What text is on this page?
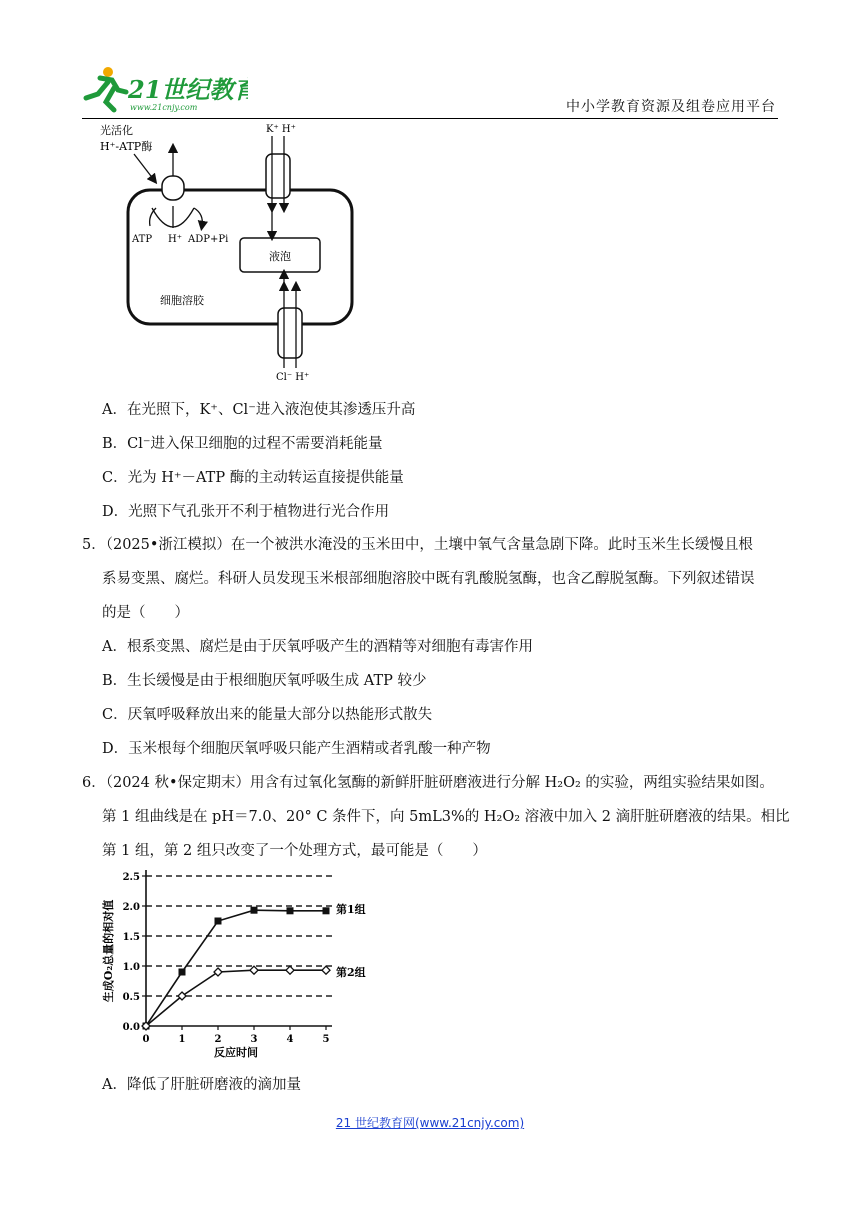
21世纪教育
www.21cnjy.com	中小学教育资源及组卷应用平台
液泡
细胞溶胶
光活化
H⁺-ATP酶
ATP H⁺ ADP+Pi
K⁺ H⁺
Cl⁻ H⁺
A．在光照下，K⁺、Cl⁻进入液泡使其渗透压升高
B．Cl⁻进入保卫细胞的过程不需要消耗能量
C．光为 H⁺－ATP 酶的主动转运直接提供能量
D．光照下气孔张开不利于植物进行光合作用
5．（2025•浙江模拟）在一个被洪水淹没的玉米田中，土壤中氧气含量急剧下降。此时玉米生长缓慢且根
系易变黑、腐烂。科研人员发现玉米根部细胞溶胶中既有乳酸脱氢酶，也含乙醇脱氢酶。下列叙述错误
的是（　　）
A．根系变黑、腐烂是由于厌氧呼吸产生的酒精等对细胞有毒害作用
B．生长缓慢是由于根细胞厌氧呼吸生成 ATP 较少
C．厌氧呼吸释放出来的能量大部分以热能形式散失
D．玉米根每个细胞厌氧呼吸只能产生酒精或者乳酸一种产物
6．（2024 秋•保定期末）用含有过氧化氢酶的新鲜肝脏研磨液进行分解 H₂O₂ 的实验，两组实验结果如图。
第 1 组曲线是在 pH＝7.0、20° C 条件下，向 5mL3%的 H₂O₂ 溶液中加入 2 滴肝脏研磨液的结果。相比
第 1 组，第 2 组只改变了一个处理方式，最可能是（　　）
0.0
0.5
1.0
1.5
2.0
2.5
0	1	2	3	4	5
反应时间
生成O₂总量的相对值	第1组
第2组
A．降低了肝脏研磨液的滴加量
21 世纪教育网(www.21cnjy.com)
